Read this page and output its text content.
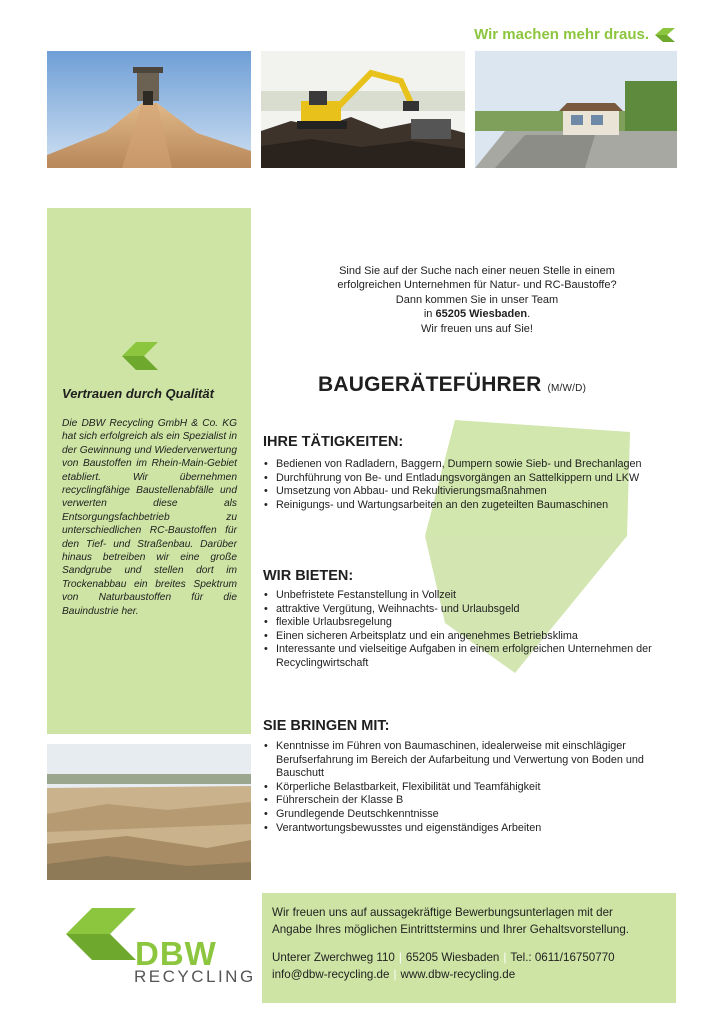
Wir machen mehr draus.
Vertrauen durch Qualität
Die DBW Recycling GmbH & Co. KG hat sich erfolgreich als ein Spezialist in der Gewinnung und Wiederverwertung von Baustoffen im Rhein-Main-Gebiet etabliert. Wir übernehmen recyclingfähige Baustellenabfälle und verwerten diese als Entsorgungsfachbetrieb zu unterschiedlichen RC-Baustoffen für den Tief- und Straßenbau. Darüber hinaus betreiben wir eine große Sandgrube und stellen dort im Trockenabbau ein breites Spektrum von Naturbaustoffen für die Bauindustrie her.
Sind Sie auf der Suche nach einer neuen Stelle in einem
erfolgreichen Unternehmen für Natur- und RC-Baustoffe?
Dann kommen Sie in unser Team
in 65205 Wiesbaden.
Wir freuen uns auf Sie!
BAUGERÄTEFÜHRER (M/W/D)
IHRE TÄTIGKEITEN:
• Bedienen von Radladern, Baggern, Dumpern sowie Sieb- und Brechanlagen
• Durchführung von Be- und Entladungsvorgängen an Sattelkippern und LKW
• Umsetzung von Abbau- und Rekultivierungsmaßnahmen
• Reinigungs- und Wartungsarbeiten an den zugeteilten Baumaschinen
WIR BIETEN:
• Unbefristete Festanstellung in Vollzeit
• attraktive Vergütung, Weihnachts- und Urlaubsgeld
• flexible Urlaubsregelung
• Einen sicheren Arbeitsplatz und ein angenehmes Betriebsklima
• Interessante und vielseitige Aufgaben in einem erfolgreichen Unternehmen der Recyclingwirtschaft
SIE BRINGEN MIT:
• Kenntnisse im Führen von Baumaschinen, idealerweise mit einschlägiger Berufserfahrung im Bereich der Aufarbeitung und Verwertung von Boden und Bauschutt
• Körperliche Belastbarkeit, Flexibilität und Teamfähigkeit
• Führerschein der Klasse B
• Grundlegende Deutschkenntnisse
• Verantwortungsbewusstes und eigenständiges Arbeiten
DBW
RECYCLING
Wir freuen uns auf aussagekräftige Bewerbungsunterlagen mit der
Angabe Ihres möglichen Eintrittstermins und Ihrer Gehaltsvorstellung.
Unterer Zwerchweg 110 | 65205 Wiesbaden | Tel.: 0611/16750770
info@dbw-recycling.de | www.dbw-recycling.de
